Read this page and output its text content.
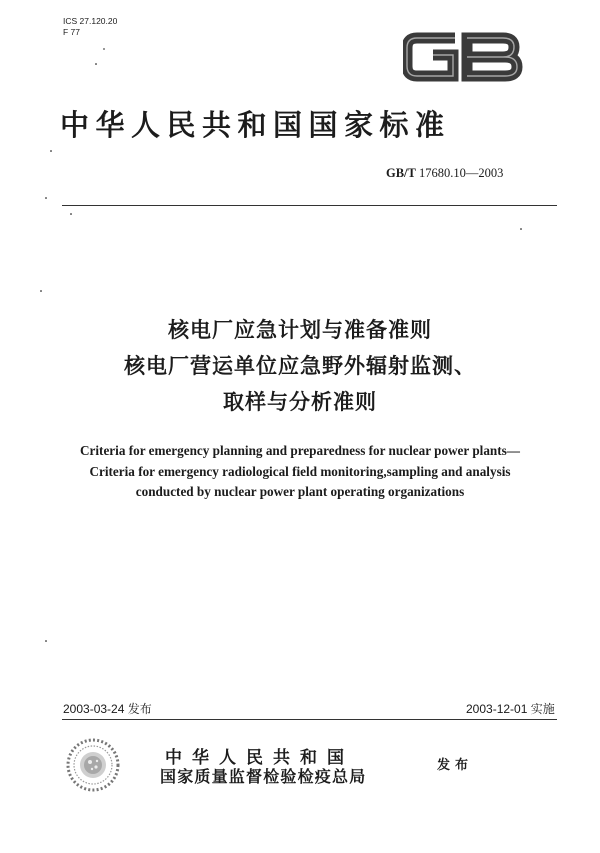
ICS 27.120.20
F 77
中华人民共和国国家标准
GB/T 17680.10—2003
核电厂应急计划与准备准则
核电厂营运单位应急野外辐射监测、
取样与分析准则
Criteria for emergency planning and preparedness for nuclear power plants—
Criteria for emergency radiological field monitoring,sampling and analysis
conducted by nuclear power plant operating organizations
2003-03-24 发布	2003-12-01 实施
中华人民共和国
国家质量监督检验检疫总局
发布
